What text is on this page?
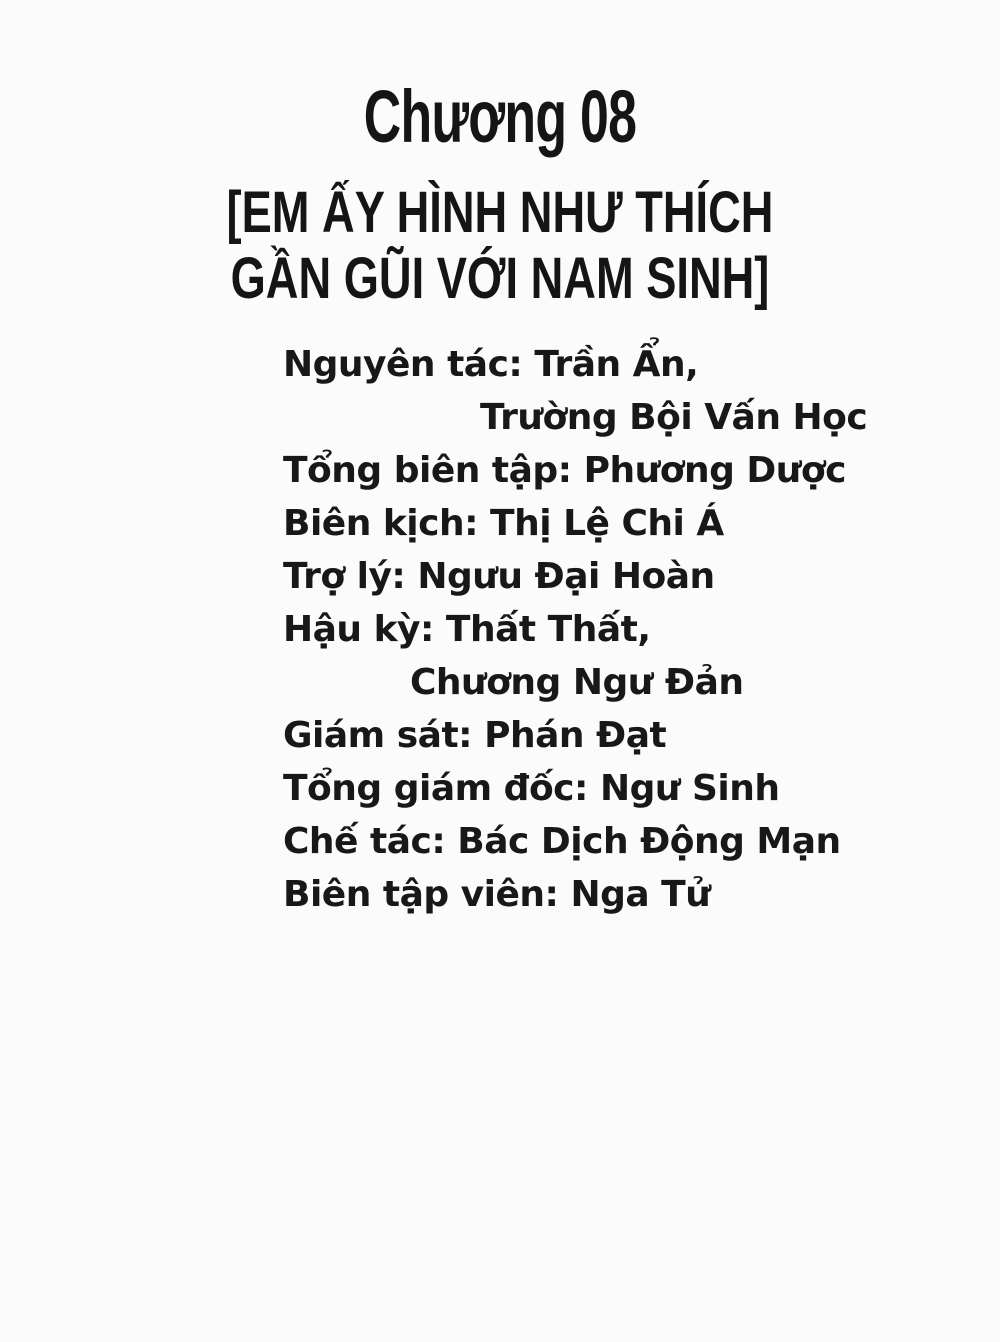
Chương 08
[EM ẤY HÌNH NHƯ THÍCH
GẦN GŨI VỚI NAM SINH]
Nguyên tác: Trần Ẩn,
Trường Bội Vấn Học
Tổng biên tập: Phương Dược
Biên kịch: Thị Lệ Chi Á
Trợ lý: Ngưu Đại Hoàn
Hậu kỳ: Thất Thất,
Chương Ngư Đản
Giám sát: Phán Đạt
Tổng giám đốc: Ngư Sinh
Chế tác: Bác Dịch Động Mạn
Biên tập viên: Nga Tử
